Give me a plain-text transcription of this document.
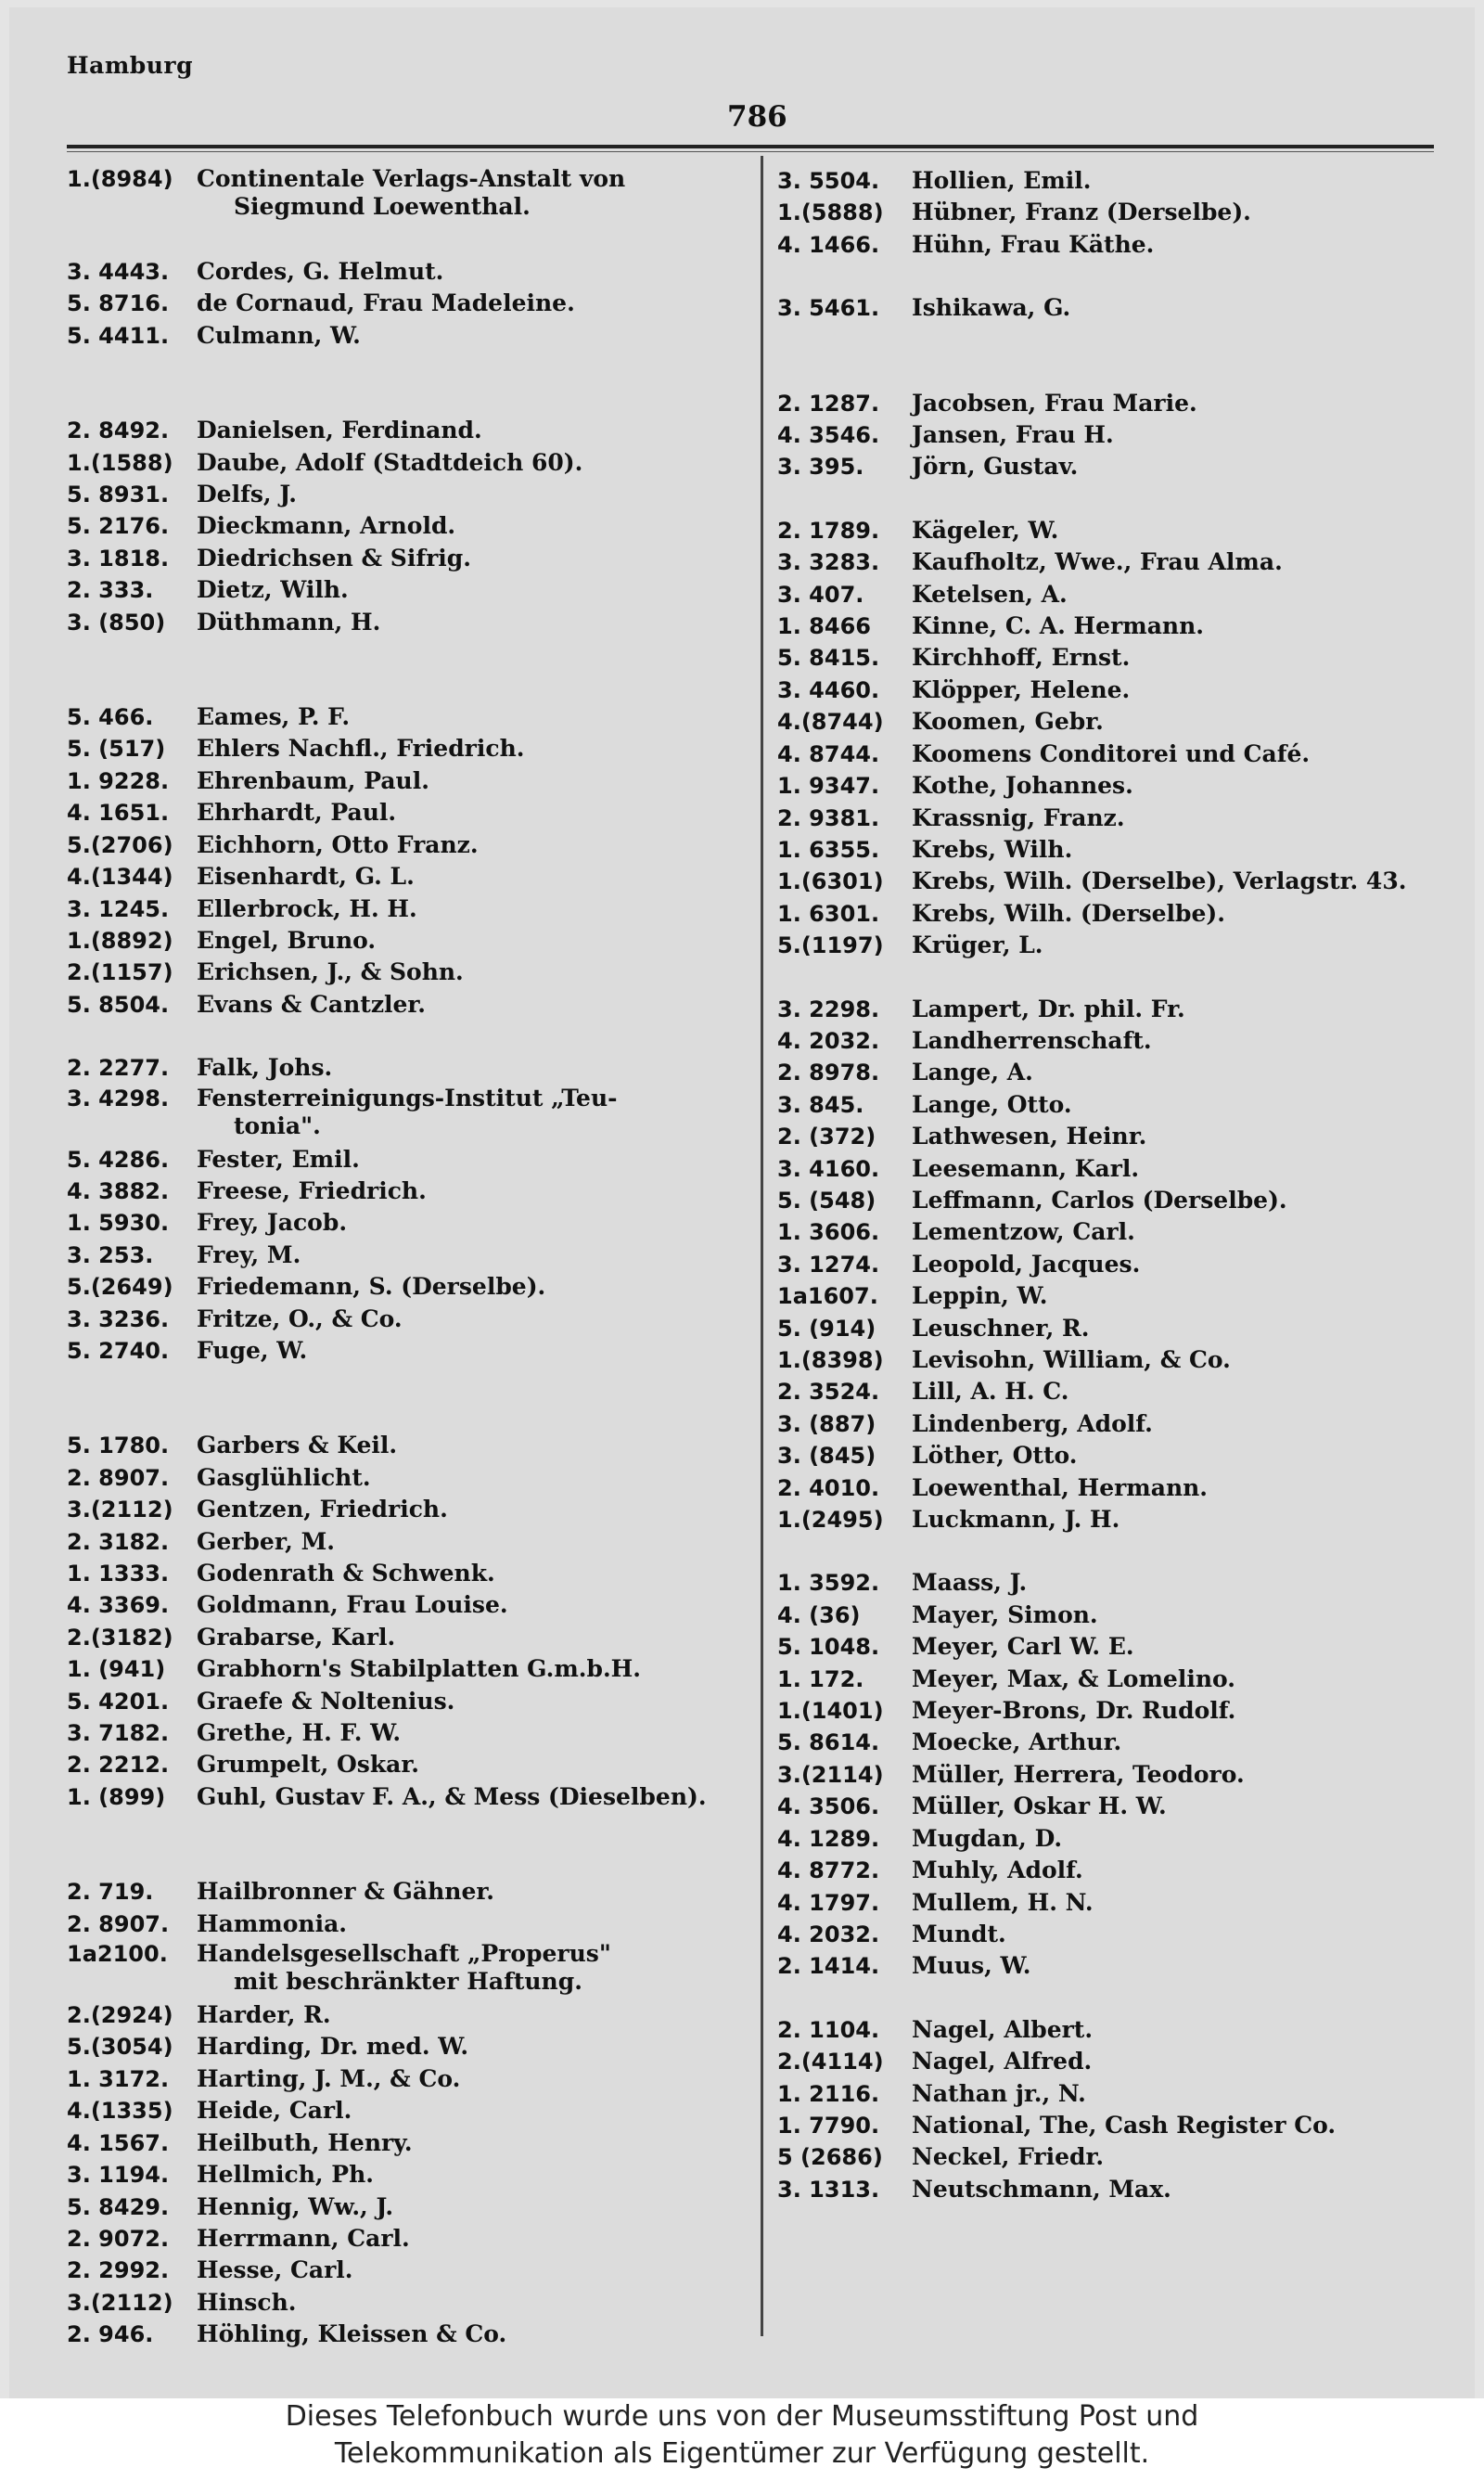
Hamburg
786
1.(8984)	Continentale Verlags-Anstalt von
Siegmund Loewenthal.
3. 4443.	Cordes, G. Helmut.
5. 8716.	de Cornaud, Frau Madeleine.
5. 4411.	Culmann, W.
2. 8492.	Danielsen, Ferdinand.
1.(1588)	Daube, Adolf (Stadtdeich 60).
5. 8931.	Delfs, J.
5. 2176.	Dieckmann, Arnold.
3. 1818.	Diedrichsen & Sifrig.
2. 333.	Dietz, Wilh.
3. (850)	Düthmann, H.
5. 466.	Eames, P. F.
5. (517)	Ehlers Nachfl., Friedrich.
1. 9228.	Ehrenbaum, Paul.
4. 1651.	Ehrhardt, Paul.
5.(2706)	Eichhorn, Otto Franz.
4.(1344)	Eisenhardt, G. L.
3. 1245.	Ellerbrock, H. H.
1.(8892)	Engel, Bruno.
2.(1157)	Erichsen, J., & Sohn.
5. 8504.	Evans & Cantzler.
2. 2277.	Falk, Johs.
3. 4298.	Fensterreinigungs-Institut „Teu-
tonia".
5. 4286.	Fester, Emil.
4. 3882.	Freese, Friedrich.
1. 5930.	Frey, Jacob.
3. 253.	Frey, M.
5.(2649)	Friedemann, S. (Derselbe).
3. 3236.	Fritze, O., & Co.
5. 2740.	Fuge, W.
5. 1780.	Garbers & Keil.
2. 8907.	Gasglühlicht.
3.(2112)	Gentzen, Friedrich.
2. 3182.	Gerber, M.
1. 1333.	Godenrath & Schwenk.
4. 3369.	Goldmann, Frau Louise.
2.(3182)	Grabarse, Karl.
1. (941)	Grabhorn's Stabilplatten G.m.b.H.
5. 4201.	Graefe & Noltenius.
3. 7182.	Grethe, H. F. W.
2. 2212.	Grumpelt, Oskar.
1. (899)	Guhl, Gustav F. A., & Mess (Dieselben).
2. 719.	Hailbronner & Gähner.
2. 8907.	Hammonia.
1a2100.	Handelsgesellschaft „Properus"
mit beschränkter Haftung.
2.(2924)	Harder, R.
5.(3054)	Harding, Dr. med. W.
1. 3172.	Harting, J. M., & Co.
4.(1335)	Heide, Carl.
4. 1567.	Heilbuth, Henry.
3. 1194.	Hellmich, Ph.
5. 8429.	Hennig, Ww., J.
2. 9072.	Herrmann, Carl.
2. 2992.	Hesse, Carl.
3.(2112)	Hinsch.
2. 946.	Höhling, Kleissen & Co.
3. 5504.	Hollien, Emil.
1.(5888)	Hübner, Franz (Derselbe).
4. 1466.	Hühn, Frau Käthe.
3. 5461.	Ishikawa, G.
2. 1287.	Jacobsen, Frau Marie.
4. 3546.	Jansen, Frau H.
3. 395.	Jörn, Gustav.
2. 1789.	Kägeler, W.
3. 3283.	Kaufholtz, Wwe., Frau Alma.
3. 407.	Ketelsen, A.
1. 8466	Kinne, C. A. Hermann.
5. 8415.	Kirchhoff, Ernst.
3. 4460.	Klöpper, Helene.
4.(8744)	Koomen, Gebr.
4. 8744.	Koomens Conditorei und Café.
1. 9347.	Kothe, Johannes.
2. 9381.	Krassnig, Franz.
1. 6355.	Krebs, Wilh.
1.(6301)	Krebs, Wilh. (Derselbe), Verlagstr. 43.
1. 6301.	Krebs, Wilh. (Derselbe).
5.(1197)	Krüger, L.
3. 2298.	Lampert, Dr. phil. Fr.
4. 2032.	Landherrenschaft.
2. 8978.	Lange, A.
3. 845.	Lange, Otto.
2. (372)	Lathwesen, Heinr.
3. 4160.	Leesemann, Karl.
5. (548)	Leffmann, Carlos (Derselbe).
1. 3606.	Lementzow, Carl.
3. 1274.	Leopold, Jacques.
1a1607.	Leppin, W.
5. (914)	Leuschner, R.
1.(8398)	Levisohn, William, & Co.
2. 3524.	Lill, A. H. C.
3. (887)	Lindenberg, Adolf.
3. (845)	Löther, Otto.
2. 4010.	Loewenthal, Hermann.
1.(2495)	Luckmann, J. H.
1. 3592.	Maass, J.
4. (36)	Mayer, Simon.
5. 1048.	Meyer, Carl W. E.
1. 172.	Meyer, Max, & Lomelino.
1.(1401)	Meyer-Brons, Dr. Rudolf.
5. 8614.	Moecke, Arthur.
3.(2114)	Müller, Herrera, Teodoro.
4. 3506.	Müller, Oskar H. W.
4. 1289.	Mugdan, D.
4. 8772.	Muhly, Adolf.
4. 1797.	Mullem, H. N.
4. 2032.	Mundt.
2. 1414.	Muus, W.
2. 1104.	Nagel, Albert.
2.(4114)	Nagel, Alfred.
1. 2116.	Nathan jr., N.
1. 7790.	National, The, Cash Register Co.
5 (2686)	Neckel, Friedr.
3. 1313.	Neutschmann, Max.
Dieses Telefonbuch wurde uns von der Museumsstiftung Post und
Telekommunikation als Eigentümer zur Verfügung gestellt.
